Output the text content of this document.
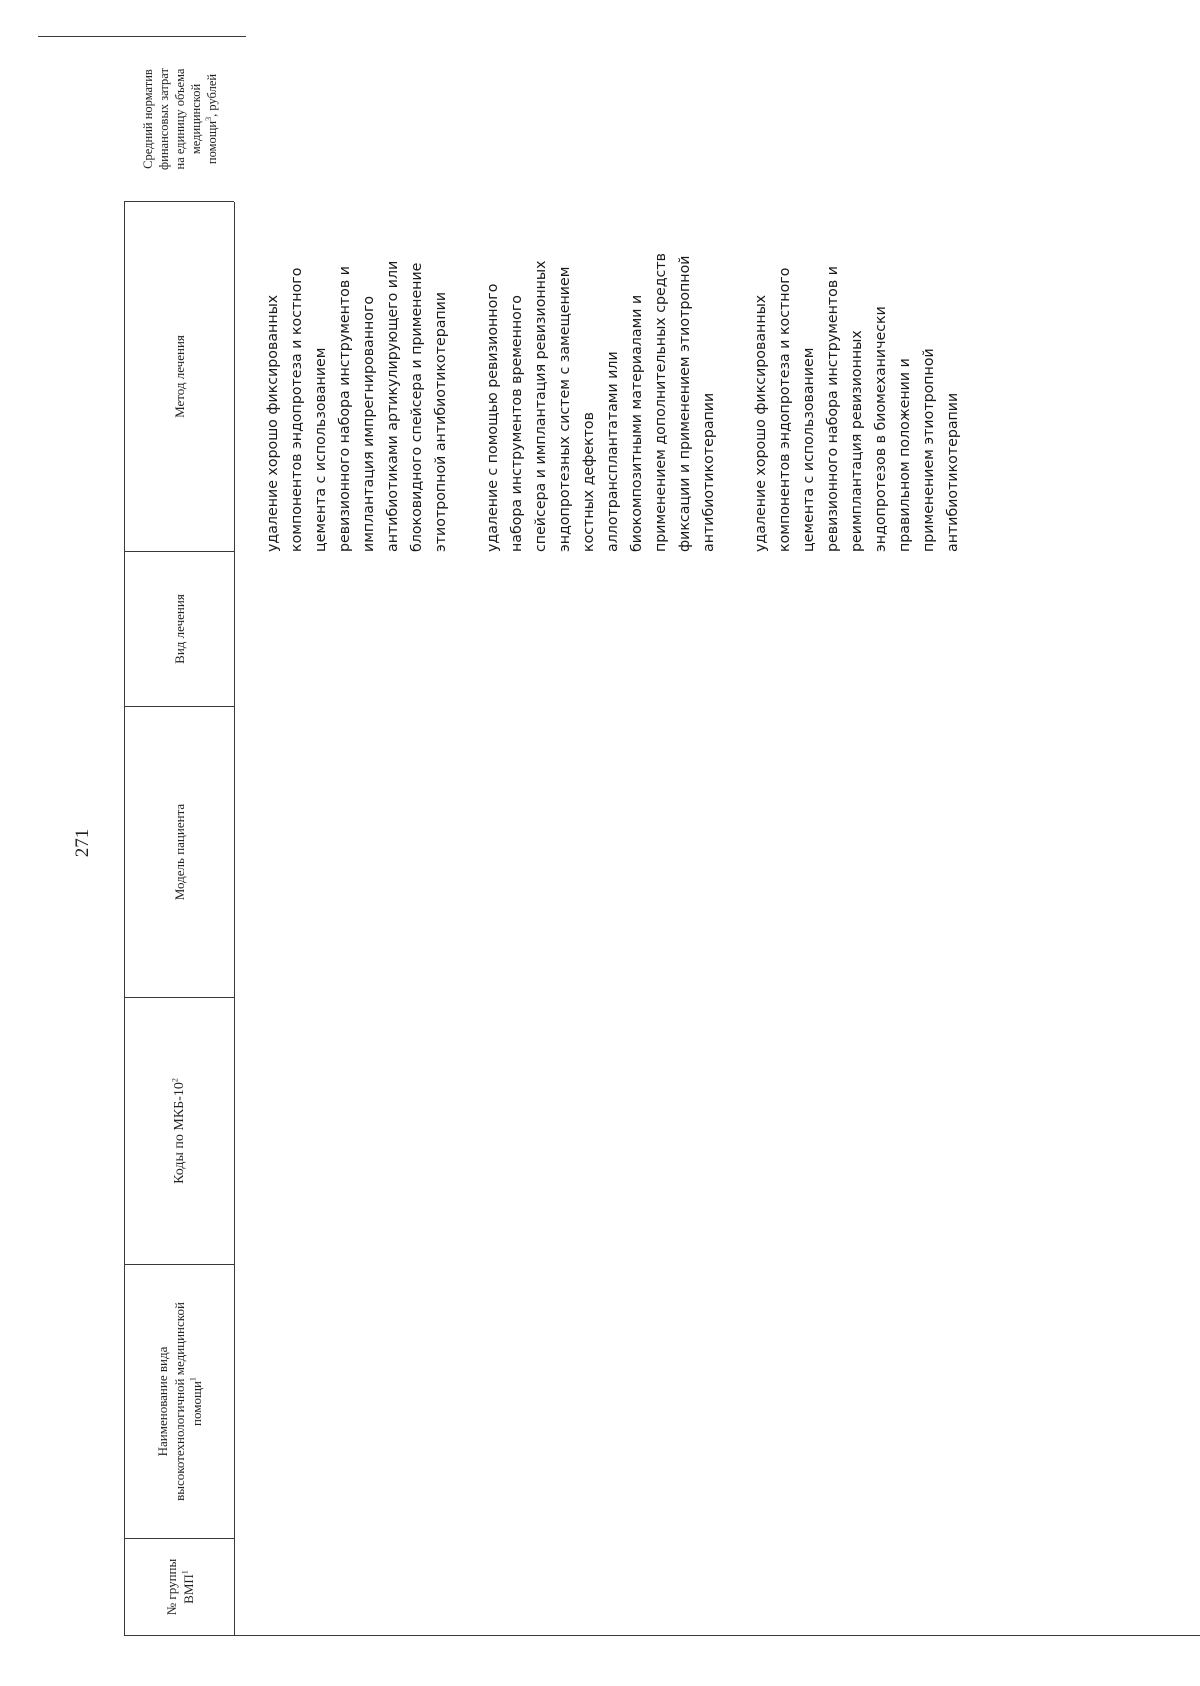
271
№ группы ВМП$^1$
Наименование вида высокотехнологичной медицинской помощи$^1$
Коды по МКБ-$10^2$
Модель пациента
Вид лечения
Метод лечения
Средний норматив финансовых затрат на единицу объема медицинской помощи$^3$, рублей
удаление хорошо фиксированных компонентов эндопротеза и костного цемента с использованием ревизионного набора инструментов и имплантация импрегнированного антибиотиками артикулирующего или блоковидного спейсера и применение этиотропной антибиотикотерапии	удаление с помощью ревизионного набора инструментов временного спейсера и имплантация ревизионных эндопротезных систем с замещением костных дефектов аллотрансплантатами или биокомпозитными материалами и применением дополнительных средств фиксации и применением этиотропной антибиотикотерапии	удаление хорошо фиксированных компонентов эндопротеза и костного цемента с использованием ревизионного набора инструментов и реимплантация ревизионных эндопротезов в биомеханически правильном положении и применением этиотропной антибиотикотерапии
